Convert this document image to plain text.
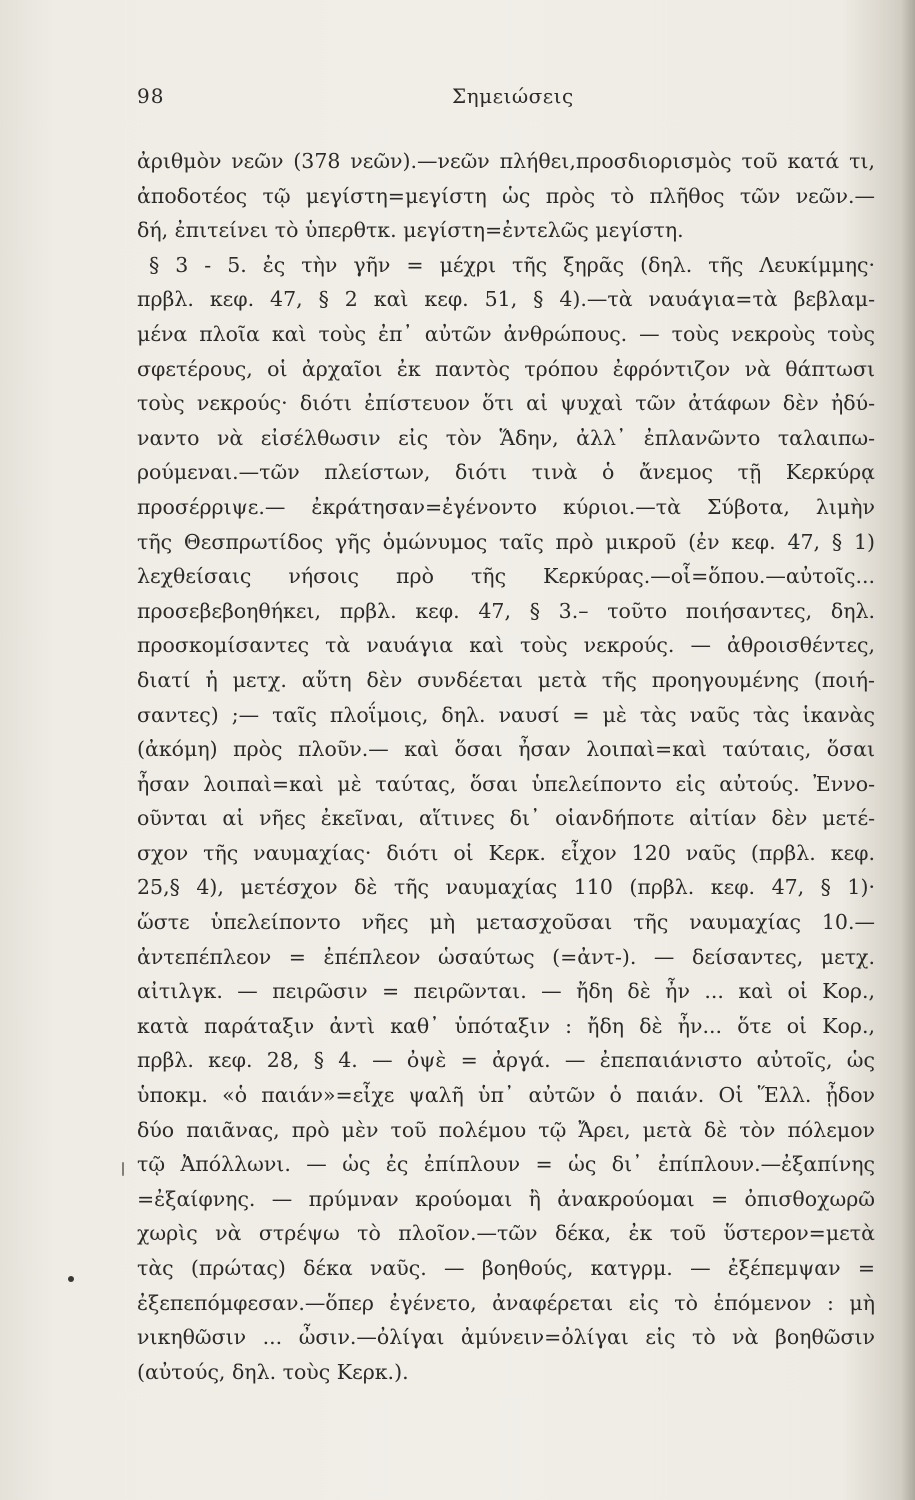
98	Σημειώσεις
ἀριθμὸν νεῶν (378 νεῶν).—νεῶν πλήθει,προσδιορισμὸς τοῦ κατά τι,
ἀποδοτέος τῷ μεγίστη=μεγίστη ὡς πρὸς τὸ πλῆθος τῶν νεῶν.—
δή, ἐπιτείνει τὸ ὑπερθτκ. μεγίστη=ἐντελῶς μεγίστη.
§ 3 - 5. ἐς τὴν γῆν = μέχρι τῆς ξηρᾶς (δηλ. τῆς Λευκίμμης·
πρβλ. κεφ. 47, § 2 καὶ κεφ. 51, § 4).—τὰ ναυάγια=τὰ βεβλαμ-
μένα πλοῖα καὶ τοὺς ἐπ᾽ αὐτῶν ἀνθρώπους. — τοὺς νεκροὺς τοὺς
σφετέρους, οἱ ἀρχαῖοι ἐκ παντὸς τρόπου ἐφρόντιζον νὰ θάπτωσι
τοὺς νεκρούς· διότι ἐπίστευον ὅτι αἱ ψυχαὶ τῶν ἀτάφων δὲν ἠδύ-
ναντο νὰ εἰσέλθωσιν εἰς τὸν Ἅδην, ἀλλ᾽ ἐπλανῶντο ταλαιπω-
ρούμεναι.—τῶν πλείστων, διότι τινὰ ὁ ἄνεμος τῇ Κερκύρᾳ
προσέρριψε.— ἐκράτησαν=ἐγένοντο κύριοι.—τὰ Σύβοτα, λιμὴν
τῆς Θεσπρωτίδος γῆς ὁμώνυμος ταῖς πρὸ μικροῦ (ἐν κεφ. 47, § 1)
λεχθείσαις νήσοις πρὸ τῆς Κερκύρας.—οἷ=ὅπου.—αὐτοῖς...
προσεβεβοηθήκει, πρβλ. κεφ. 47, § 3.– τοῦτο ποιήσαντες, δηλ.
προσκομίσαντες τὰ ναυάγια καὶ τοὺς νεκρούς. — ἀθροισθέντες,
διατί ἡ μετχ. αὕτη δὲν συνδέεται μετὰ τῆς προηγουμένης (ποιή-
σαντες) ;— ταῖς πλοΐμοις, δηλ. ναυσί = μὲ τὰς ναῦς τὰς ἱκανὰς
(ἀκόμη) πρὸς πλοῦν.— καὶ ὅσαι ἦσαν λοιπαὶ=καὶ ταύταις, ὅσαι
ἦσαν λοιπαὶ=καὶ μὲ ταύτας, ὅσαι ὑπελείποντο εἰς αὐτούς. Ἐννο-
οῦνται αἱ νῆες ἐκεῖναι, αἵτινες δι᾽ οἱανδήποτε αἰτίαν δὲν μετέ-
σχον τῆς ναυμαχίας· διότι οἱ Κερκ. εἶχον 120 ναῦς (πρβλ. κεφ.
25,§ 4), μετέσχον δὲ τῆς ναυμαχίας 110 (πρβλ. κεφ. 47, § 1)·
ὥστε ὑπελείποντο νῆες μὴ μετασχοῦσαι τῆς ναυμαχίας 10.—
ἀντεπέπλεον = ἐπέπλεον ὡσαύτως (=ἀντ-). — δείσαντες, μετχ.
αἰτιλγκ. — πειρῶσιν = πειρῶνται. — ἤδη δὲ ἦν ... καὶ οἱ Κορ.,
κατὰ παράταξιν ἀντὶ καθ᾽ ὑπόταξιν : ἤδη δὲ ἦν... ὅτε οἱ Κορ.,
πρβλ. κεφ. 28, § 4. — ὀψὲ = ἀργά. — ἐπεπαιάνιστο αὐτοῖς, ὡς
ὑποκμ. «ὁ παιάν»=εἶχε ψαλῆ ὑπ᾽ αὐτῶν ὁ παιάν. Οἱ Ἕλλ. ᾖδον
δύο παιᾶνας, πρὸ μὲν τοῦ πολέμου τῷ Ἄρει, μετὰ δὲ τὸν πόλεμον
τῷ Ἀπόλλωνι. — ὡς ἐς ἐπίπλουν = ὡς δι᾽ ἐπίπλουν.—ἐξαπίνης
=ἐξαίφνης. — πρύμναν κρούομαι ἢ ἀνακρούομαι = ὀπισθοχωρῶ
χωρὶς νὰ στρέψω τὸ πλοῖον.—τῶν δέκα, ἐκ τοῦ ὕστερον=μετὰ
τὰς (πρώτας) δέκα ναῦς. — βοηθούς, κατγρμ. — ἐξέπεμψαν =
ἐξεπεπόμφεσαν.—ὅπερ ἐγένετο, ἀναφέρεται εἰς τὸ ἑπόμενον : μὴ
νικηθῶσιν ... ὦσιν.—ὀλίγαι ἀμύνειν=ὀλίγαι εἰς τὸ νὰ βοηθῶσιν
(αὐτούς, δηλ. τοὺς Κερκ.).
